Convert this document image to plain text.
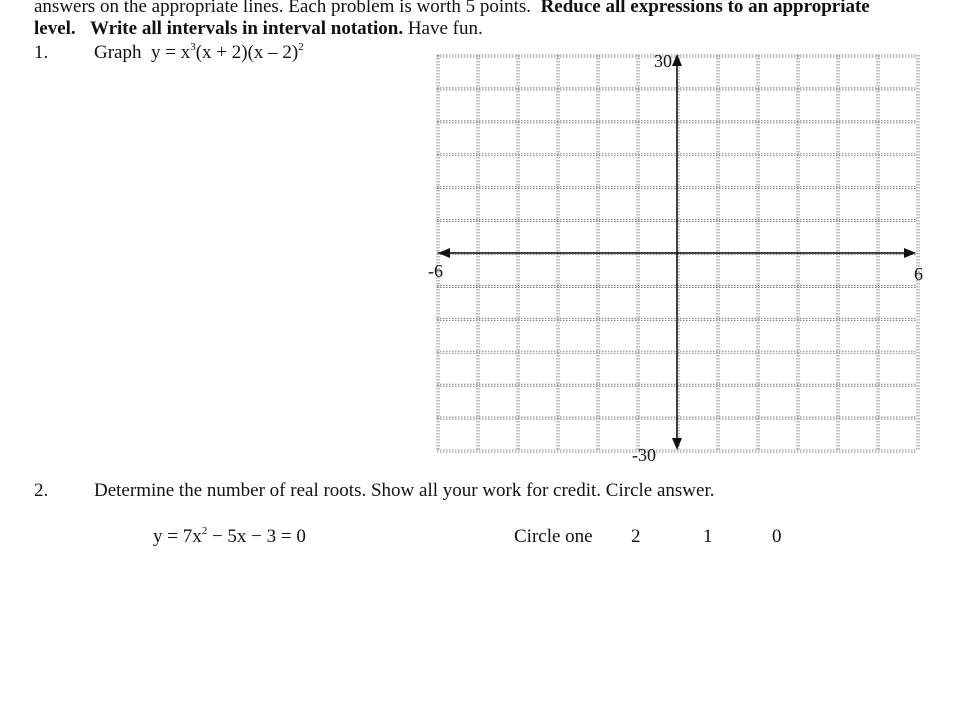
answers on the appropriate lines. Each problem is worth 5 points. Reduce all expressions to an appropriate
level. Write all intervals in interval notation. Have fun.
1. Graph $y = x^3(x + 2)(x - 2)^2$
-6	6
30
-30
2. Determine the number of real roots. Show all your work for credit. Circle answer.
$y = 7x^2 - 5x - 3 = 0$	Circle one 2	1	0
